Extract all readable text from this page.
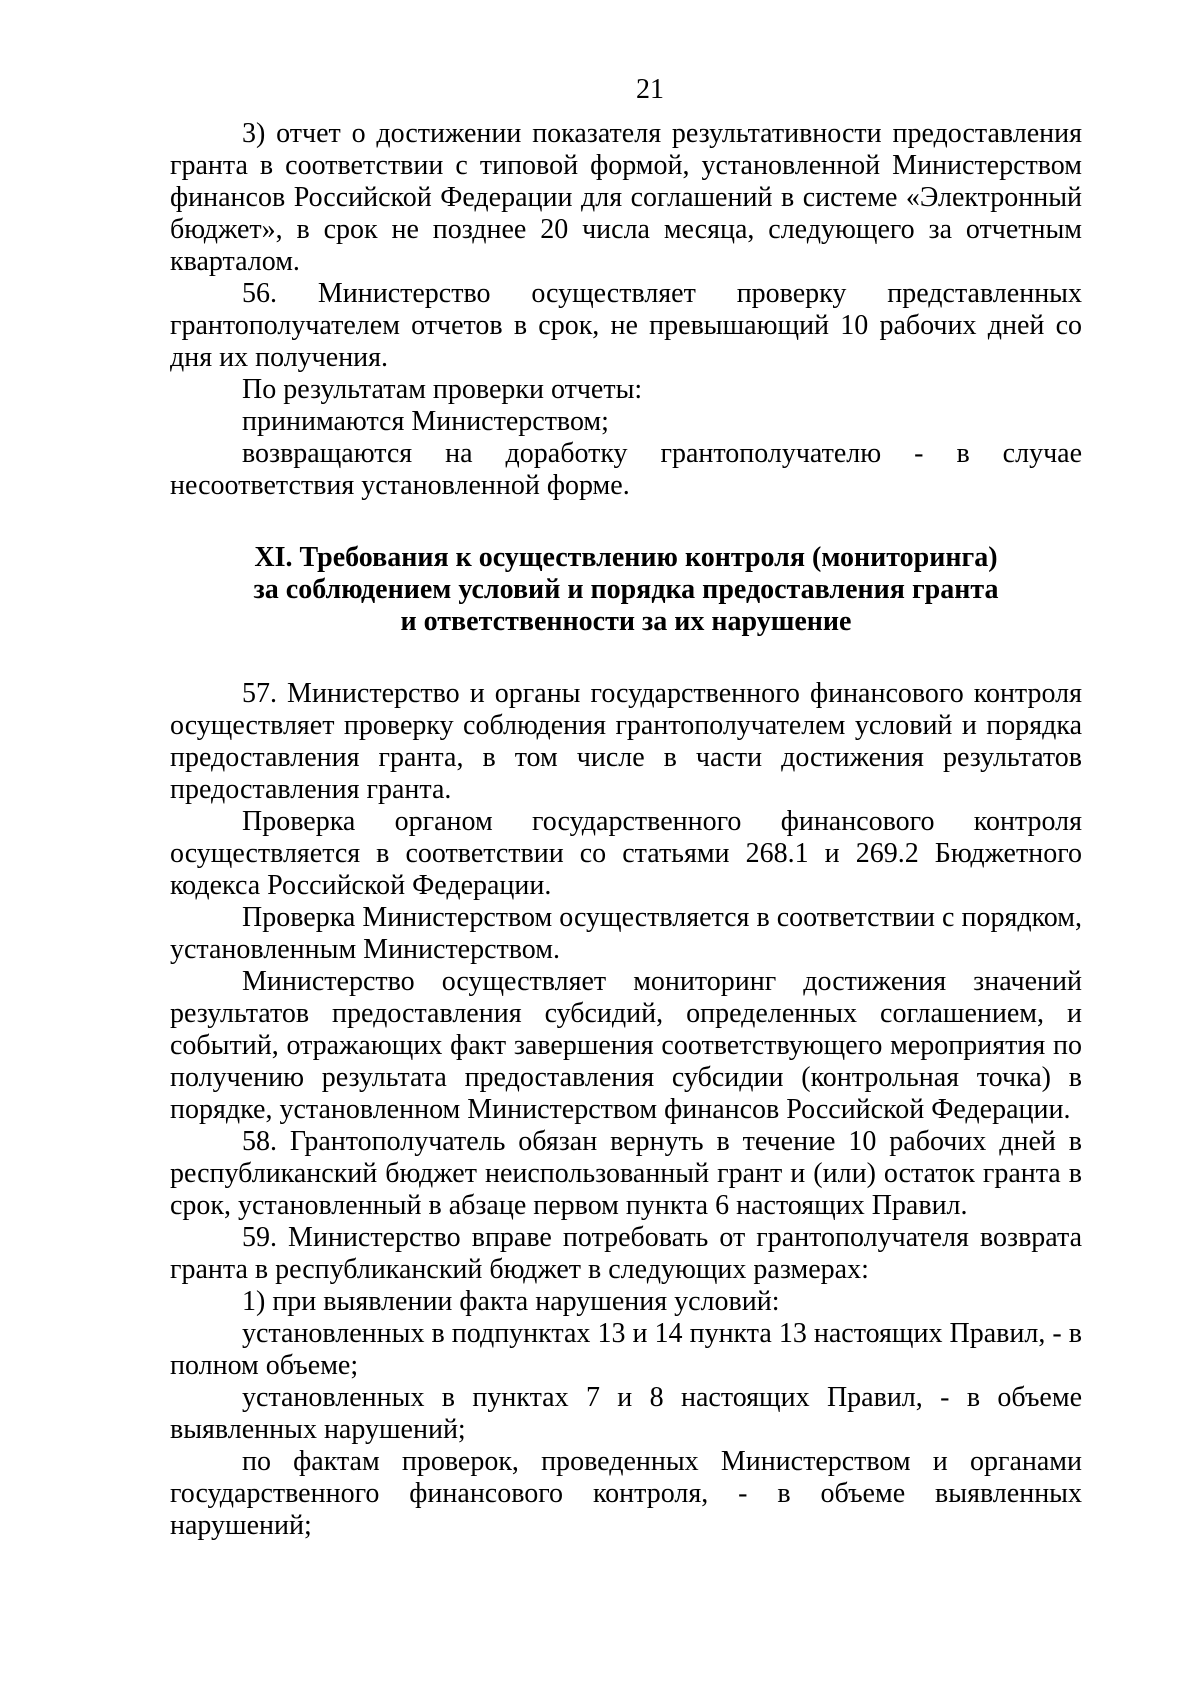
21

3) отчет о достижении показателя результативности предоставления гранта в соответствии с типовой формой, установленной Министерством финансов Российской Федерации для соглашений в системе «Электронный бюджет», в срок не позднее 20 числа месяца, следующего за отчетным кварталом.

56. Министерство осуществляет проверку представленных грантополучателем отчетов в срок, не превышающий 10 рабочих дней со дня их получения.

По результатам проверки отчеты:

принимаются Министерством;

возвращаются на доработку грантополучателю - в случае несоответствия установленной форме.

XI. Требования к осуществлению контроля (мониторинга)
за соблюдением условий и порядка предоставления гранта
и ответственности за их нарушение

57. Министерство и органы государственного финансового контроля осуществляет проверку соблюдения грантополучателем условий и порядка предоставления гранта, в том числе в части достижения результатов предоставления гранта.

Проверка органом государственного финансового контроля осуществляется в соответствии со статьями 268.1 и 269.2 Бюджетного кодекса Российской Федерации.

Проверка Министерством осуществляется в соответствии с порядком, установленным Министерством.

Министерство осуществляет мониторинг достижения значений результатов предоставления субсидий, определенных соглашением, и событий, отражающих факт завершения соответствующего мероприятия по получению результата предоставления субсидии (контрольная точка) в порядке, установленном Министерством финансов Российской Федерации.

58. Грантополучатель обязан вернуть в течение 10 рабочих дней в республиканский бюджет неиспользованный грант и (или) остаток гранта в срок, установленный в абзаце первом пункта 6 настоящих Правил.

59. Министерство вправе потребовать от грантополучателя возврата гранта в республиканский бюджет в следующих размерах:

1) при выявлении факта нарушения условий:

установленных в подпунктах 13 и 14 пункта 13 настоящих Правил, - в полном объеме;

установленных в пунктах 7 и 8 настоящих Правил, - в объеме выявленных нарушений;

по фактам проверок, проведенных Министерством и органами государственного финансового контроля, - в объеме выявленных нарушений;
